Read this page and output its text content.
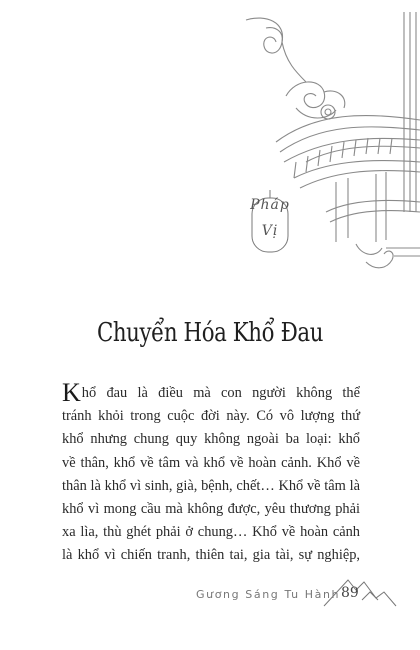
Pháp Vị
Chuyển Hóa Khổ Đau
Khổ đau là điều mà con người không thể
tránh khỏi trong cuộc đời này. Có vô lượng thứ
khổ nhưng chung quy không ngoài ba loại: khổ
về thân, khổ về tâm và khổ về hoàn cảnh. Khổ về
thân là khổ vì sinh, già, bệnh, chết… Khổ về tâm là
khổ vì mong cầu mà không được, yêu thương phải
xa lìa, thù ghét phải ở chung… Khổ về hoàn cảnh
là khổ vì chiến tranh, thiên tai, gia tài, sự nghiệp,
Gương Sáng Tu Hành 89
